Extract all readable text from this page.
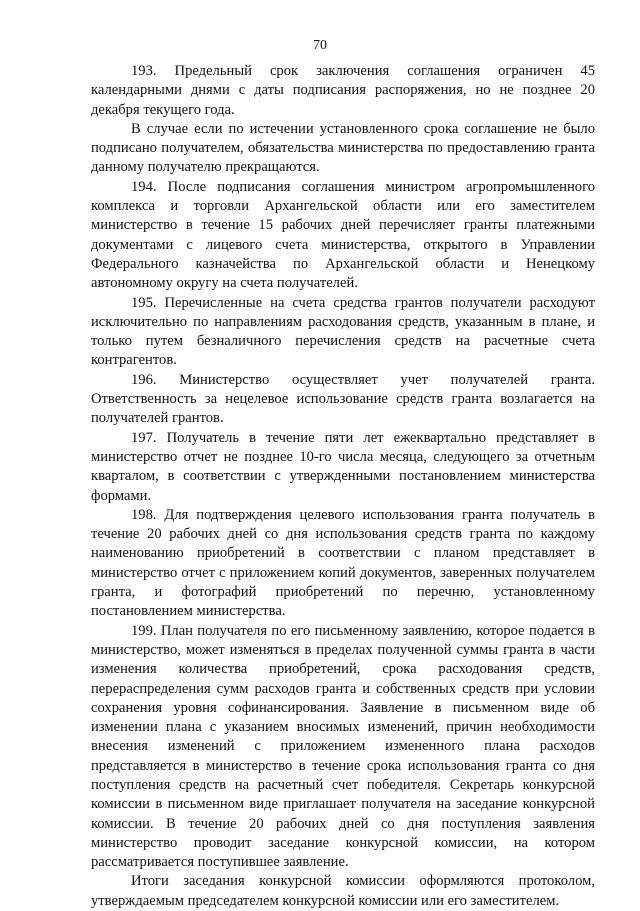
70

193. Предельный срок заключения соглашения ограничен 45 календарными днями с даты подписания распоряжения, но не позднее 20 декабря текущего года.

В случае если по истечении установленного срока соглашение не было подписано получателем, обязательства министерства по предоставлению гранта данному получателю прекращаются.

194. После подписания соглашения министром агропромышленного комплекса и торговли Архангельской области или его заместителем министерство в течение 15 рабочих дней перечисляет гранты платежными документами с лицевого счета министерства, открытого в Управлении Федерального казначейства по Архангельской области и Ненецкому автономному округу на счета получателей.

195. Перечисленные на счета средства грантов получатели расходуют исключительно по направлениям расходования средств, указанным в плане, и только путем безналичного перечисления средств на расчетные счета контрагентов.

196. Министерство осуществляет учет получателей гранта. Ответственность за нецелевое использование средств гранта возлагается на получателей грантов.

197. Получатель в течение пяти лет ежеквартально представляет в министерство отчет не позднее 10-го числа месяца, следующего за отчетным кварталом, в соответствии с утвержденными постановлением министерства формами.

198. Для подтверждения целевого использования гранта получатель в течение 20 рабочих дней со дня использования средств гранта по каждому наименованию приобретений в соответствии с планом представляет в министерство отчет с приложением копий документов, заверенных получателем гранта, и фотографий приобретений по перечню, установленному постановлением министерства.

199. План получателя по его письменному заявлению, которое подается в министерство, может изменяться в пределах полученной суммы гранта в части изменения количества приобретений, срока расходования средств, перераспределения сумм расходов гранта и собственных средств при условии сохранения уровня софинансирования. Заявление в письменном виде об изменении плана с указанием вносимых изменений, причин необходимости внесения изменений с приложением измененного плана расходов представляется в министерство в течение срока использования гранта со дня поступления средств на расчетный счет победителя. Секретарь конкурсной комиссии в письменном виде приглашает получателя на заседание конкурсной комиссии. В течение 20 рабочих дней со дня поступления заявления министерство проводит заседание конкурсной комиссии, на котором рассматривается поступившее заявление.

Итоги заседания конкурсной комиссии оформляются протоколом, утверждаемым председателем конкурсной комиссии или его заместителем.
